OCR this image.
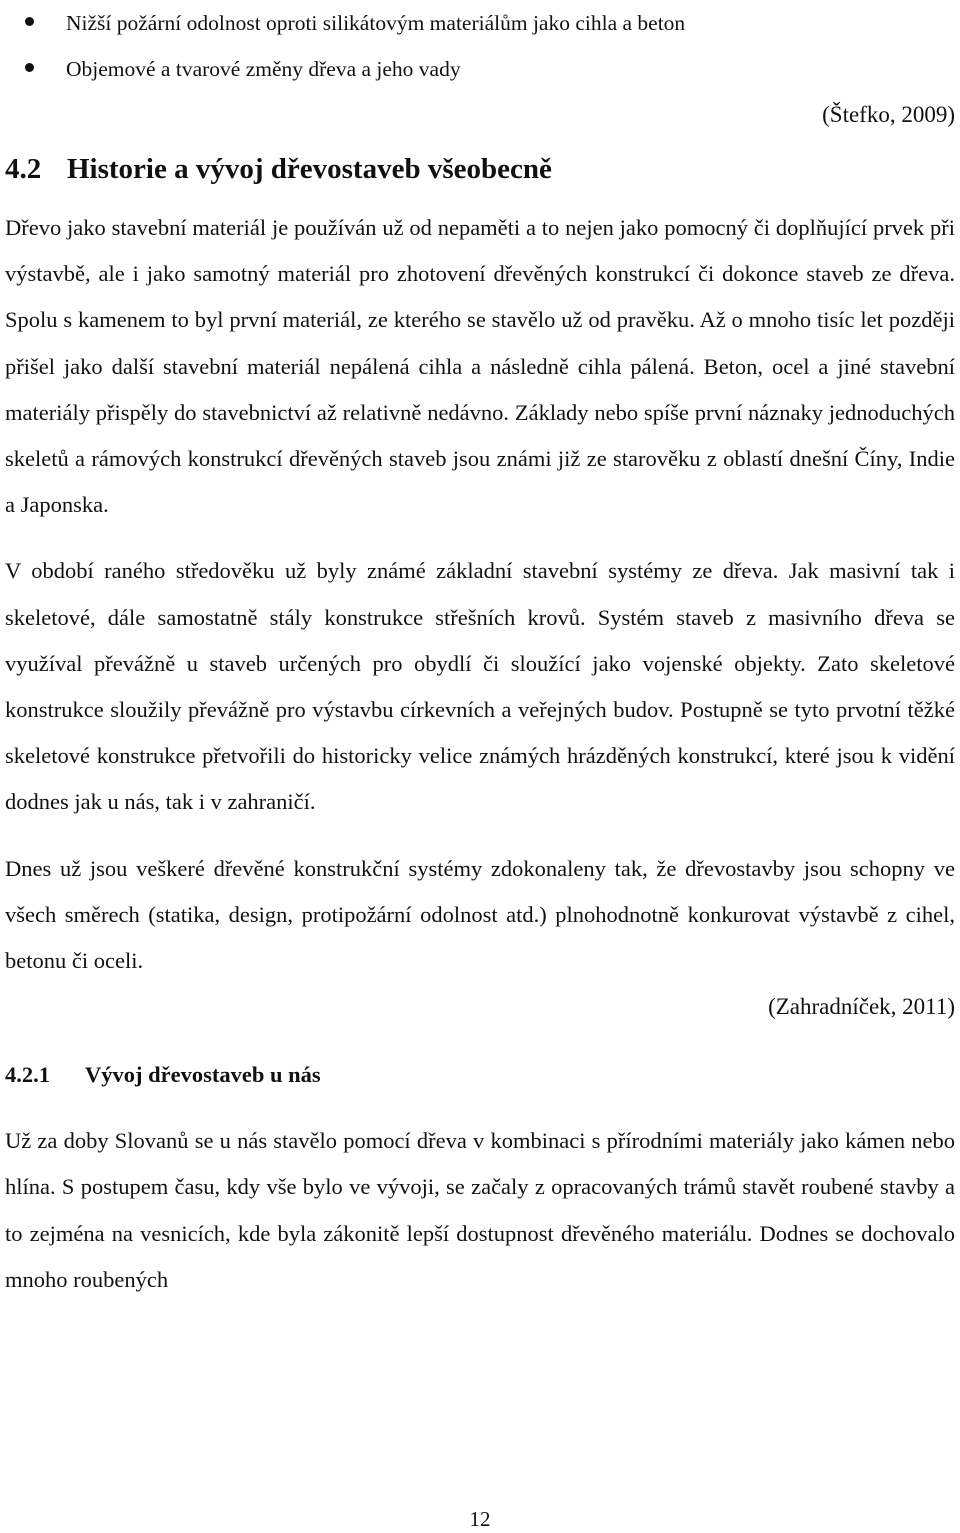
Nižší požární odolnost oproti silikátovým materiálům jako cihla a beton
Objemové a tvarové změny dřeva a jeho vady

(Štefko, 2009)

4.2 Historie a vývoj dřevostaveb všeobecně

Dřevo jako stavební materiál je používán už od nepaměti a to nejen jako pomocný či doplňující prvek při výstavbě, ale i jako samotný materiál pro zhotovení dřevěných konstrukcí či dokonce staveb ze dřeva. Spolu s kamenem to byl první materiál, ze kterého se stavělo už od pravěku. Až o mnoho tisíc let později přišel jako další stavební materiál nepálená cihla a následně cihla pálená. Beton, ocel a jiné stavební materiály přispěly do stavebnictví až relativně nedávno. Základy nebo spíše první náznaky jednoduchých skeletů a rámových konstrukcí dřevěných staveb jsou známi již ze starověku z oblastí dnešní Číny, Indie a Japonska.

V období raného středověku už byly známé základní stavební systémy ze dřeva. Jak masivní tak i skeletové, dále samostatně stály konstrukce střešních krovů. Systém staveb z masivního dřeva se využíval převážně u staveb určených pro obydlí či sloužící jako vojenské objekty. Zato skeletové konstrukce sloužily převážně pro výstavbu církevních a veřejných budov. Postupně se tyto prvotní těžké skeletové konstrukce přetvořili do historicky velice známých hrázděných konstrukcí, které jsou k vidění dodnes jak u nás, tak i v zahraničí.

Dnes už jsou veškeré dřevěné konstrukční systémy zdokonaleny tak, že dřevostavby jsou schopny ve všech směrech (statika, design, protipožární odolnost atd.) plnohodnotně konkurovat výstavbě z cihel, betonu či oceli.

(Zahradníček, 2011)

4.2.1 Vývoj dřevostaveb u nás

Už za doby Slovanů se u nás stavělo pomocí dřeva v kombinaci s přírodními materiály jako kámen nebo hlína. S postupem času, kdy vše bylo ve vývoji, se začaly z opracovaných trámů stavět roubené stavby a to zejména na vesnicích, kde byla zákonitě lepší dostupnost dřevěného materiálu. Dodnes se dochovalo mnoho roubených

12
